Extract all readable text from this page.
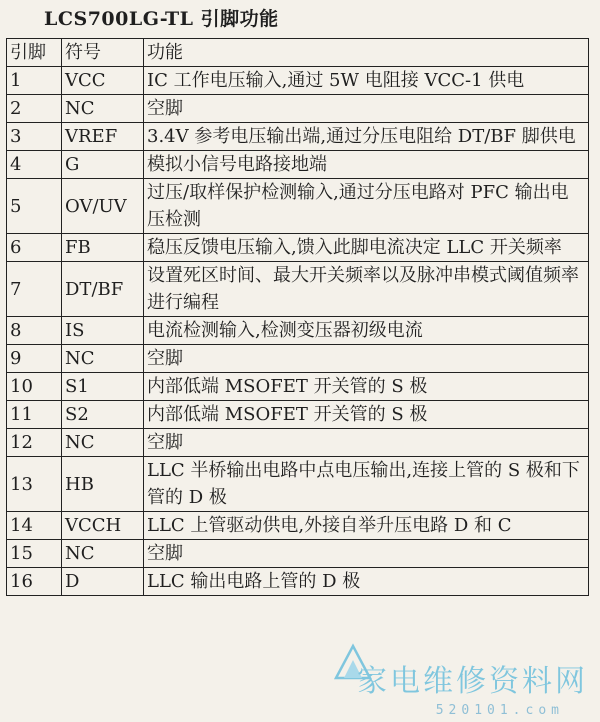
LCS700LG-TL 引脚功能
引脚	符号	功能
1	VCC	IC 工作电压输入,通过 5W 电阻接 VCC-1 供电
2	NC	空脚
3	VREF	3.4V 参考电压输出端,通过分压电阻给 DT/BF 脚供电
4	G	模拟小信号电路接地端
5	OV/UV	过压/取样保护检测输入,通过分压电路对 PFC 输出电压检测
6	FB	稳压反馈电压输入,馈入此脚电流决定 LLC 开关频率
7	DT/BF	设置死区时间、最大开关频率以及脉冲串模式阈值频率进行编程
8	IS	电流检测输入,检测变压器初级电流
9	NC	空脚
10	S1	内部低端 MSOFET 开关管的 S 极
11	S2	内部低端 MSOFET 开关管的 S 极
12	NC	空脚
13	HB	LLC 半桥输出电路中点电压输出,连接上管的 S 极和下管的 D 极
14	VCCH	LLC 上管驱动供电,外接自举升压电路 D 和 C
15	NC	空脚
16	D	LLC 输出电路上管的 D 极
家电维修资料网
520101.com
